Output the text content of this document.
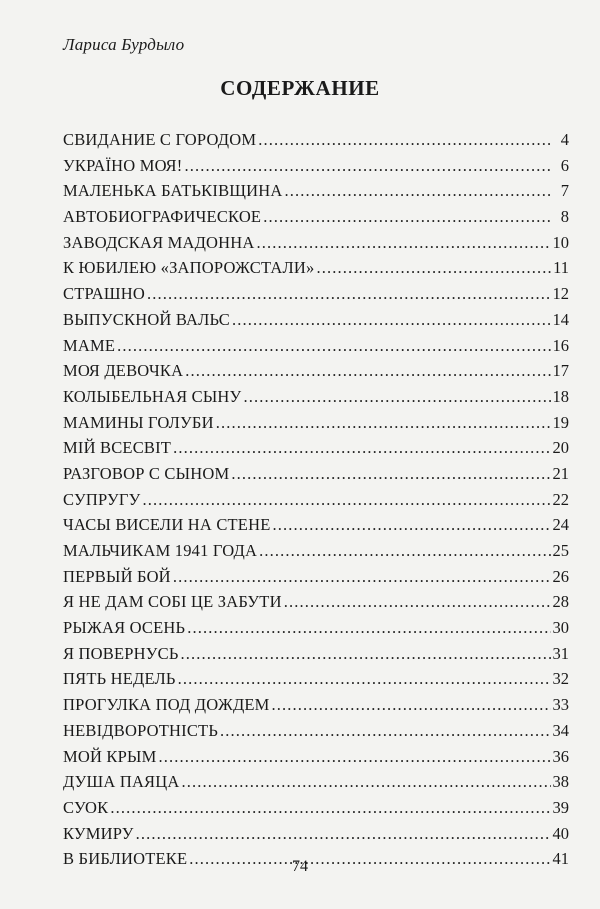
Лариса Бурдыло
СОДЕРЖАНИЕ
СВИДАНИЕ С ГОРОДОМ . . .	4
УКРАЇНО МОЯ! . . .	6
МАЛЕНЬКА БАТЬКІВЩИНА . . .	7
АВТОБИОГРАФИЧЕСКОЕ . . .	8
ЗАВОДСКАЯ МАДОННА . . .	10
К ЮБИЛЕЮ «ЗАПОРОЖСТАЛИ» . . .	11
СТРАШНО . . .	12
ВЫПУСКНОЙ ВАЛЬС . . .	14
МАМЕ . . .	16
МОЯ ДЕВОЧКА . . .	17
КОЛЫБЕЛЬНАЯ СЫНУ . . .	18
МАМИНЫ ГОЛУБИ . . .	19
МІЙ ВСЕСВІТ . . .	20
РАЗГОВОР С СЫНОМ . . .	21
СУПРУГУ . . .	22
ЧАСЫ ВИСЕЛИ НА СТЕНЕ . . .	24
МАЛЬЧИКАМ 1941 ГОДА . . .	25
ПЕРВЫЙ БОЙ . . .	26
Я НЕ ДАМ СОБІ ЦЕ ЗАБУТИ . . .	28
РЫЖАЯ ОСЕНЬ . . .	30
Я ПОВЕРНУСЬ . . .	31
ПЯТЬ НЕДЕЛЬ . . .	32
ПРОГУЛКА ПОД ДОЖДЕМ . . .	33
НЕВІДВОРОТНІСТЬ . . .	34
МОЙ КРЫМ . . .	36
ДУША ПАЯЦА . . .	38
СУОК . . .	39
КУМИРУ . . .	40
В БИБЛИОТЕКЕ . . .	41
74
